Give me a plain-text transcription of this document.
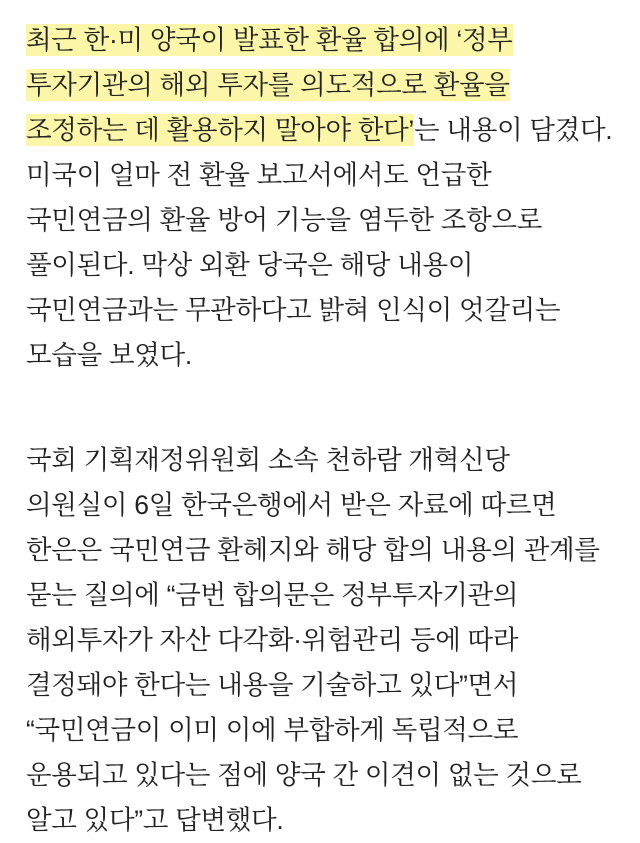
최근 한·미 양국이 발표한 환율 합의에 ‘정부 투자기관의 해외 투자를 의도적으로 환율을 조정하는 데 활용하지 말아야 한다’는 내용이 담겼다. 미국이 얼마 전 환율 보고서에서도 언급한 국민연금의 환율 방어 기능을 염두한 조항으로 풀이된다. 막상 외환 당국은 해당 내용이 국민연금과는 무관하다고 밝혀 인식이 엇갈리는 모습을 보였다.

국회 기획재정위원회 소속 천하람 개혁신당 의원실이 6일 한국은행에서 받은 자료에 따르면 한은은 국민연금 환헤지와 해당 합의 내용의 관계를 묻는 질의에 “금번 합의문은 정부투자기관의 해외투자가 자산 다각화·위험관리 등에 따라 결정돼야 한다는 내용을 기술하고 있다”면서 “국민연금이 이미 이에 부합하게 독립적으로 운용되고 있다는 점에 양국 간 이견이 없는 것으로 알고 있다”고 답변했다.
